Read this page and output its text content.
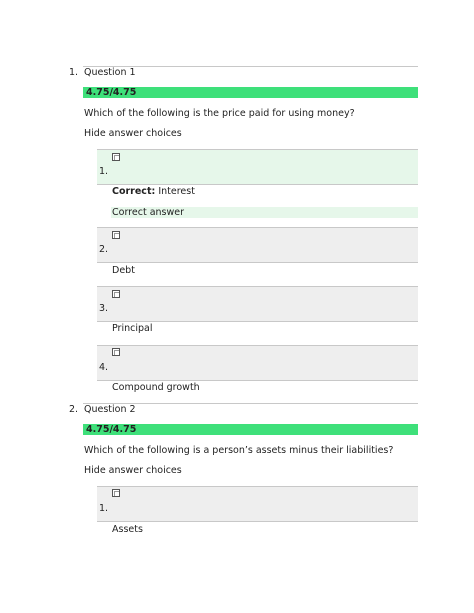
1. Question 1
4.75/4.75
Which of the following is the price paid for using money?
Hide answer choices
1.
Correct: Interest
Correct answer
2.
Debt
3.
Principal
4.
Compound growth
2. Question 2
4.75/4.75
Which of the following is a person’s assets minus their liabilities?
Hide answer choices
1.
Assets
